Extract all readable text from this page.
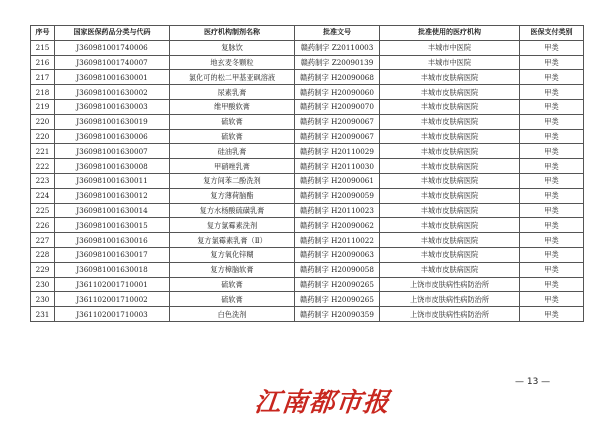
序号	国家医保药品分类与代码	医疗机构制剂名称	批准文号	批准使用的医疗机构	医保支付类别
215	J360981001740006	复脉饮	赣药制字 Z20110003	丰城市中医院	甲类
216	J360981001740007	地玄麦冬颗粒	赣药制字 Z20090139	丰城市中医院	甲类
217	J360981001630001	氯化可的松二甲基亚砜溶液	赣药制字 H20090068	丰城市皮肤病医院	甲类
218	J360981001630002	尿素乳膏	赣药制字 H20090060	丰城市皮肤病医院	甲类
219	J360981001630003	维甲酸软膏	赣药制字 H20090070	丰城市皮肤病医院	甲类
220	J360981001630019	硫软膏	赣药制字 H20090067	丰城市皮肤病医院	甲类
220	J360981001630006	硫软膏	赣药制字 H20090067	丰城市皮肤病医院	甲类
221	J360981001630007	硅油乳膏	赣药制字 H20110029	丰城市皮肤病医院	甲类
222	J360981001630008	甲硝唑乳膏	赣药制字 H20110030	丰城市皮肤病医院	甲类
223	J360981001630011	复方间苯二酚洗剂	赣药制字 H20090061	丰城市皮肤病医院	甲类
224	J360981001630012	复方薄荷脑酯	赣药制字 H20090059	丰城市皮肤病医院	甲类
225	J360981001630014	复方水杨酸硫磺乳膏	赣药制字 H20110023	丰城市皮肤病医院	甲类
226	J360981001630015	复方氯霉素洗剂	赣药制字 H20090062	丰城市皮肤病医院	甲类
227	J360981001630016	复方氯霉素乳膏（Ⅱ）	赣药制字 H20110022	丰城市皮肤病医院	甲类
228	J360981001630017	复方氧化锌糊	赣药制字 H20090063	丰城市皮肤病医院	甲类
229	J360981001630018	复方樟脑软膏	赣药制字 H20090058	丰城市皮肤病医院	甲类
230	J361102001710001	硫软膏	赣药制字 H20090265	上饶市皮肤病性病防治所	甲类
230	J361102001710002	硫软膏	赣药制字 H20090265	上饶市皮肤病性病防治所	甲类
231	J361102001710003	白色洗剂	赣药制字 H20090359	上饶市皮肤病性病防治所	甲类
— 13 —
江南都市报
